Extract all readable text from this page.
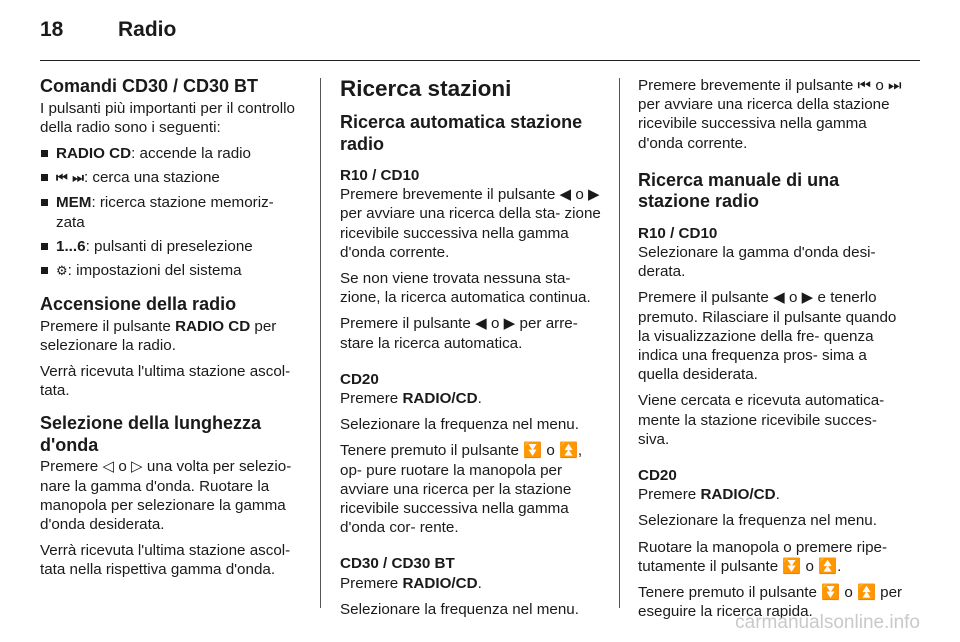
18	Radio
Comandi CD30 / CD30 BT

I pulsanti più importanti per il controllo della radio sono i seguenti:

RADIO CD: accende la radio
⏮ ⏭: cerca una stazione
MEM: ricerca stazione memoriz- zata
1...6: pulsanti di preselezione
⚙: impostazioni del sistema
Accensione della radio

Premere il pulsante RADIO CD per selezionare la radio.

Verrà ricevuta l'ultima stazione ascol- tata.

Selezione della lunghezza d'onda

Premere ◁ o ▷ una volta per selezio- nare la gamma d'onda. Ruotare la manopola per selezionare la gamma d'onda desiderata.

Verrà ricevuta l'ultima stazione ascol- tata nella rispettiva gamma d'onda.

Ricerca stazioni
Ricerca automatica stazione radio
R10 / CD10

Premere brevemente il pulsante ◀ o ▶ per avviare una ricerca della sta- zione ricevibile successiva nella gamma d'onda corrente.

Se non viene trovata nessuna sta- zione, la ricerca automatica continua.

Premere il pulsante ◀ o ▶ per arre- stare la ricerca automatica.

CD20

Premere RADIO/CD.

Selezionare la frequenza nel menu.

Tenere premuto il pulsante ⏬ o ⏫, op- pure ruotare la manopola per avviare una ricerca per la stazione ricevibile successiva nella gamma d'onda cor- rente.

CD30 / CD30 BT

Premere RADIO/CD.

Selezionare la frequenza nel menu.

Premere brevemente il pulsante ⏮ o ⏭ per avviare una ricerca della stazione ricevibile successiva nella gamma d'onda corrente.

Ricerca manuale di una stazione radio
R10 / CD10

Selezionare la gamma d'onda desi- derata.

Premere il pulsante ◀ o ▶ e tenerlo premuto. Rilasciare il pulsante quando la visualizzazione della fre- quenza indica una frequenza pros- sima a quella desiderata.

Viene cercata e ricevuta automatica- mente la stazione ricevibile succes- siva.

CD20

Premere RADIO/CD.

Selezionare la frequenza nel menu.

Ruotare la manopola o premere ripe- tutamente il pulsante ⏬ o ⏫.

Tenere premuto il pulsante ⏬ o ⏫ per eseguire la ricerca rapida.

carmanualsonline.info
